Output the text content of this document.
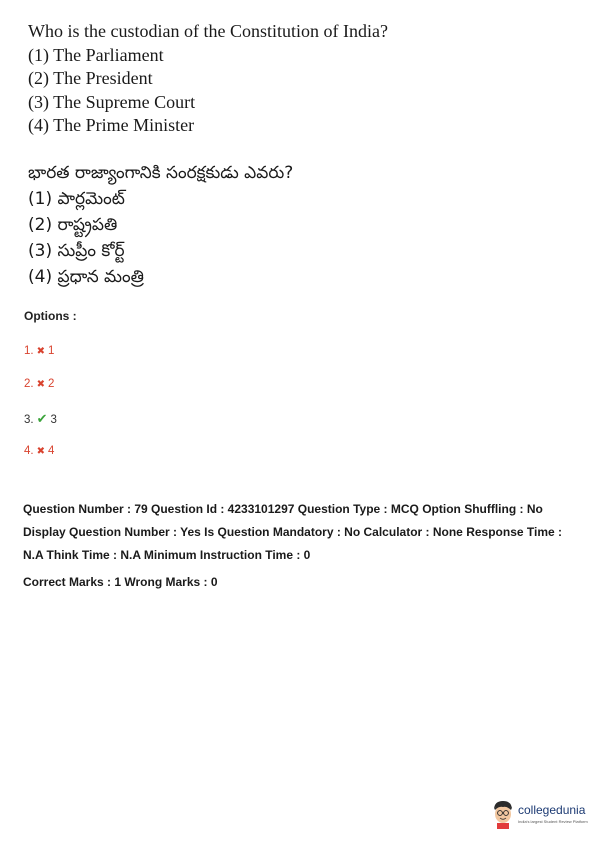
Who is the custodian of the Constitution of India?
(1) The Parliament
(2) The President
(3) The Supreme Court
(4) The Prime Minister
భారత రాజ్యాంగానికి సంరక్షకుడు ఎవరు?
(1) పార్లమెంట్
(2) రాష్ట్రపతి
(3) సుప్రీం కోర్ట్
(4) ప్రధాన మంత్రి
Options :
1. ✖ 1
2. ✖ 2
3. ✔ 3
4. ✖ 4

Question Number : 79 Question Id : 4233101297 Question Type : MCQ Option Shuffling : No Display Question Number : Yes Is Question Mandatory : No Calculator : None Response Time : N.A Think Time : N.A Minimum Instruction Time : 0

Correct Marks : 1 Wrong Marks : 0

collegedunia
India's largest Student Review Platform
